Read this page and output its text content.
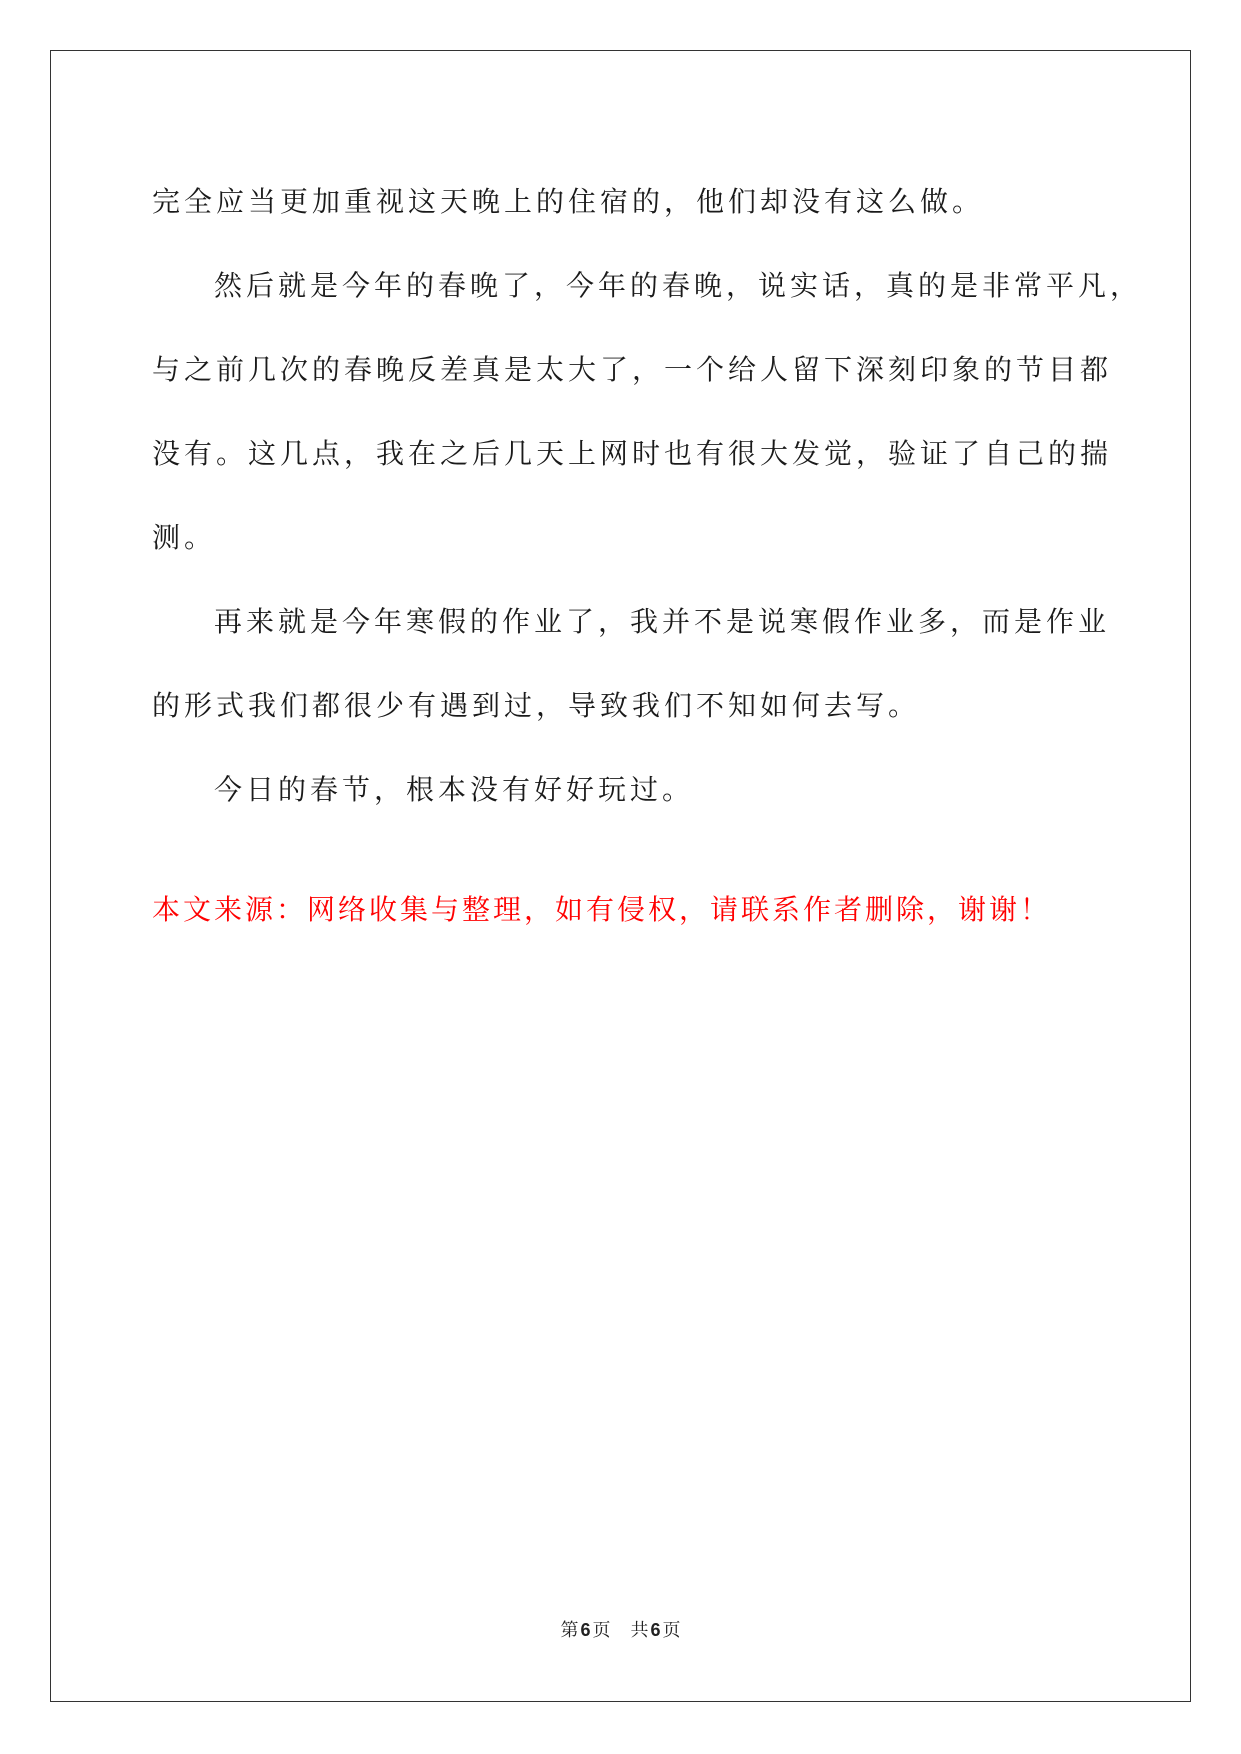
完全应当更加重视这天晚上的住宿的，他们却没有这么做。
然后就是今年的春晚了，今年的春晚，说实话，真的是非常平凡，
与之前几次的春晚反差真是太大了，一个给人留下深刻印象的节目都
没有。这几点，我在之后几天上网时也有很大发觉，验证了自己的揣
测。
再来就是今年寒假的作业了，我并不是说寒假作业多，而是作业
的形式我们都很少有遇到过，导致我们不知如何去写。
今日的春节，根本没有好好玩过。
本文来源：网络收集与整理，如有侵权，请联系作者删除，谢谢！
第 6 页 共 6 页
